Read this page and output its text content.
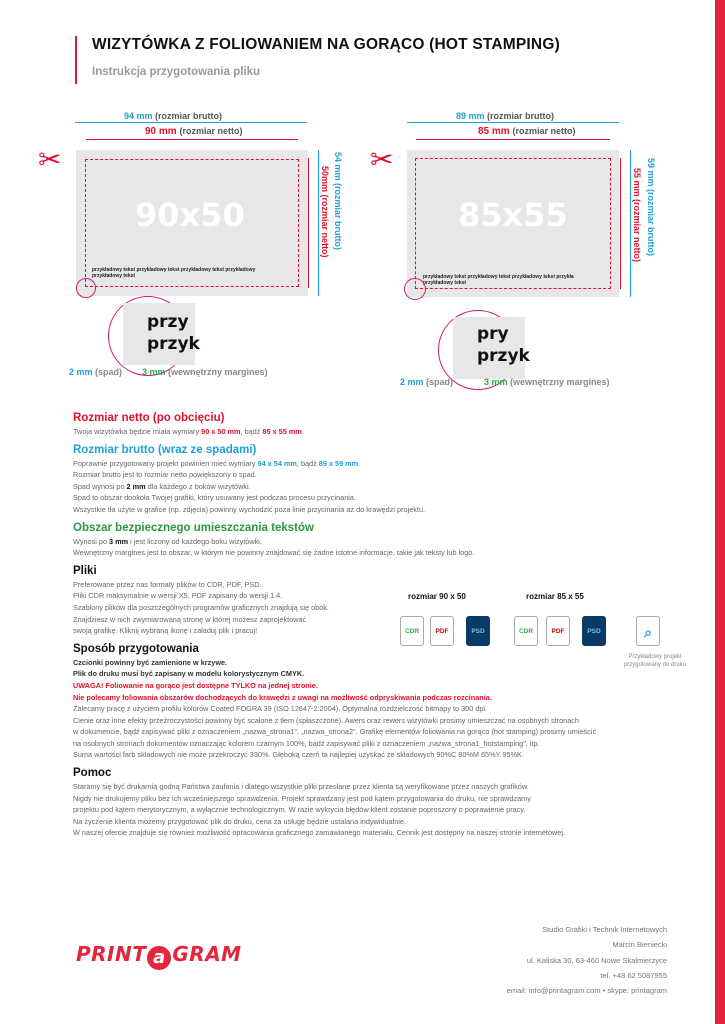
WIZYTÓWKA Z FOLIOWANIEM NA GORĄCO (HOT STAMPING)
Instrukcja przygotowania pliku
94 mm (rozmiar brutto)
90 mm (rozmiar netto)
✂
90x50
przykładowy tekst przykładowy tekst przykładowy tekst przykładowy
przykładowy tekst
54 mm (rozmiar brutto)
50mm (rozmiar netto)
przy
przyk
2 mm (spad) 3 mm (wewnętrzny margines)
89 mm (rozmiar brutto)
85 mm (rozmiar netto)
✂
85x55
przykładowy tekst przykładowy tekst przykładowy tekst przykła
przykładowy tekst
59 mm (rozmiar brutto)
55 mm (rozmiar netto)
pry
przyk
2 mm (spad)	3 mm (wewnętrzny margines)
Rozmiar netto (po obcięciu)
Twoja wizytówka będzie miała wymiary 90 x 50 mm, bądź 85 x 55 mm.
Rozmiar brutto (wraz ze spadami)
Poprawnie przygotowany projekt powinien mieć wymiary 94 x 54 mm, bądź 89 x 59 mm.
Rozmiar brutto jest to rozmiar netto powiększony o spad.
Spad wynosi po 2 mm dla każdego z boków wizytówki.
Spad to obszar dookoła Twojej grafiki, który usuwany jest podczas procesu przycinania.
Wszystkie tła użyte w grafice (np. zdjęcia) powinny wychodzić poza linie przycinania aż do krawędzi projektu.
Obszar bezpiecznego umieszczania tekstów
Wynosi po 3 mm i jest liczony od każdego boku wizytówki.
Wewnętrzny margines jest to obszar, w którym nie powinny znajdować się żadne istotne informacje, takie jak teksty lub logo.
Pliki
Preferowane przez nas formaty plików to CDR, PDF, PSD.
Pliki CDR maksymalnie w wersji X5, PDF zapisany do wersji 1.4.
Szablony plików dla poszczególnych programów graficznych znajdują się obok.
Znajdziesz w nich zwymiarowaną stronę w której możesz zaprojektować
swoją grafikę. Kliknij wybraną ikonę i załaduj plik i pracuj!
Sposób przygotowania
Czcionki powinny być zamienione w krzywe.
Plik do druku musi być zapisany w modelu kolorystycznym CMYK.
UWAGA! Foliowanie na gorąco jest dostępne TYLKO na jednej stronie.
Nie polecamy foliowania obszarów dochodzących do krawędzi z uwagi na możliwość odpryskiwania podczas rozcinania.
Zalecamy pracę z użyciem profilu kolorów Coated FOGRA 39 (ISO 12647-2:2004). Optymalna rozdzielczość bitmapy to 300 dpi.
Cienie oraz inne efekty przeźroczystości powinny być scalone z tłem (spłaszczone). Awers oraz rewers wizytówki prosimy umieszczać na osobnych stronach
w dokumencie, bądź zapisywać pliki z oznaczeniem „nazwa_strona1", „nazwa_strona2". Grafikę elementów foliowania na gorąco (hot stamping) prosimy umieścić
na osobnych stronach dokumentów oznaczając kolorem czarnym 100%, bądź zapisywać pliki z oznaczeniem „nazwa_strona1_hotstamping", itp.
Suma wartości farb składowych nie może przekroczyć 330%. Głęboką czerń ta najlepiej uzyskać ze składowych 90%C 80%M 65%Y 95%K.
Pomoc
Staramy się być drukarnią godną Państwa zaufania i dlatego wszystkie pliki przesłane przez klienta są weryfikowane przez naszych grafików.
Nigdy nie drukujemy pliku bez ich wcześniejszego sprawdzenia. Projekt sprawdzany jest pod kątem przygotowania do druku, nie sprawdzamy
projektu pod kątem merytorycznym, a wyłącznie technologicznym. W razie wykrycia błędów klient zostanie poproszony o poprawienie pracy.
Na życzenie klienta możemy przygotować plik do druku, cena za usługę będzie ustalana indywidualnie.
W naszej ofercie znajduje się również możliwość opracowania graficznego zamawianego materiału. Cennik jest dostępny na naszej stronie internetowej.
rozmiar 90 x 50	rozmiar 85 x 55
CDR	PDF	PSD	CDR	PDF	PSD	⌕
Przykładowy projekt przygotowany do druku
PRINT a GRAM
Studio Grafiki i Technik Internetowych
Marcin Bieniecki
ul. Kaliska 30, 63-460 Nowe Skalmierzyce
tel. +48 62 5087955
email: info@printagram.com • skype: printagram
